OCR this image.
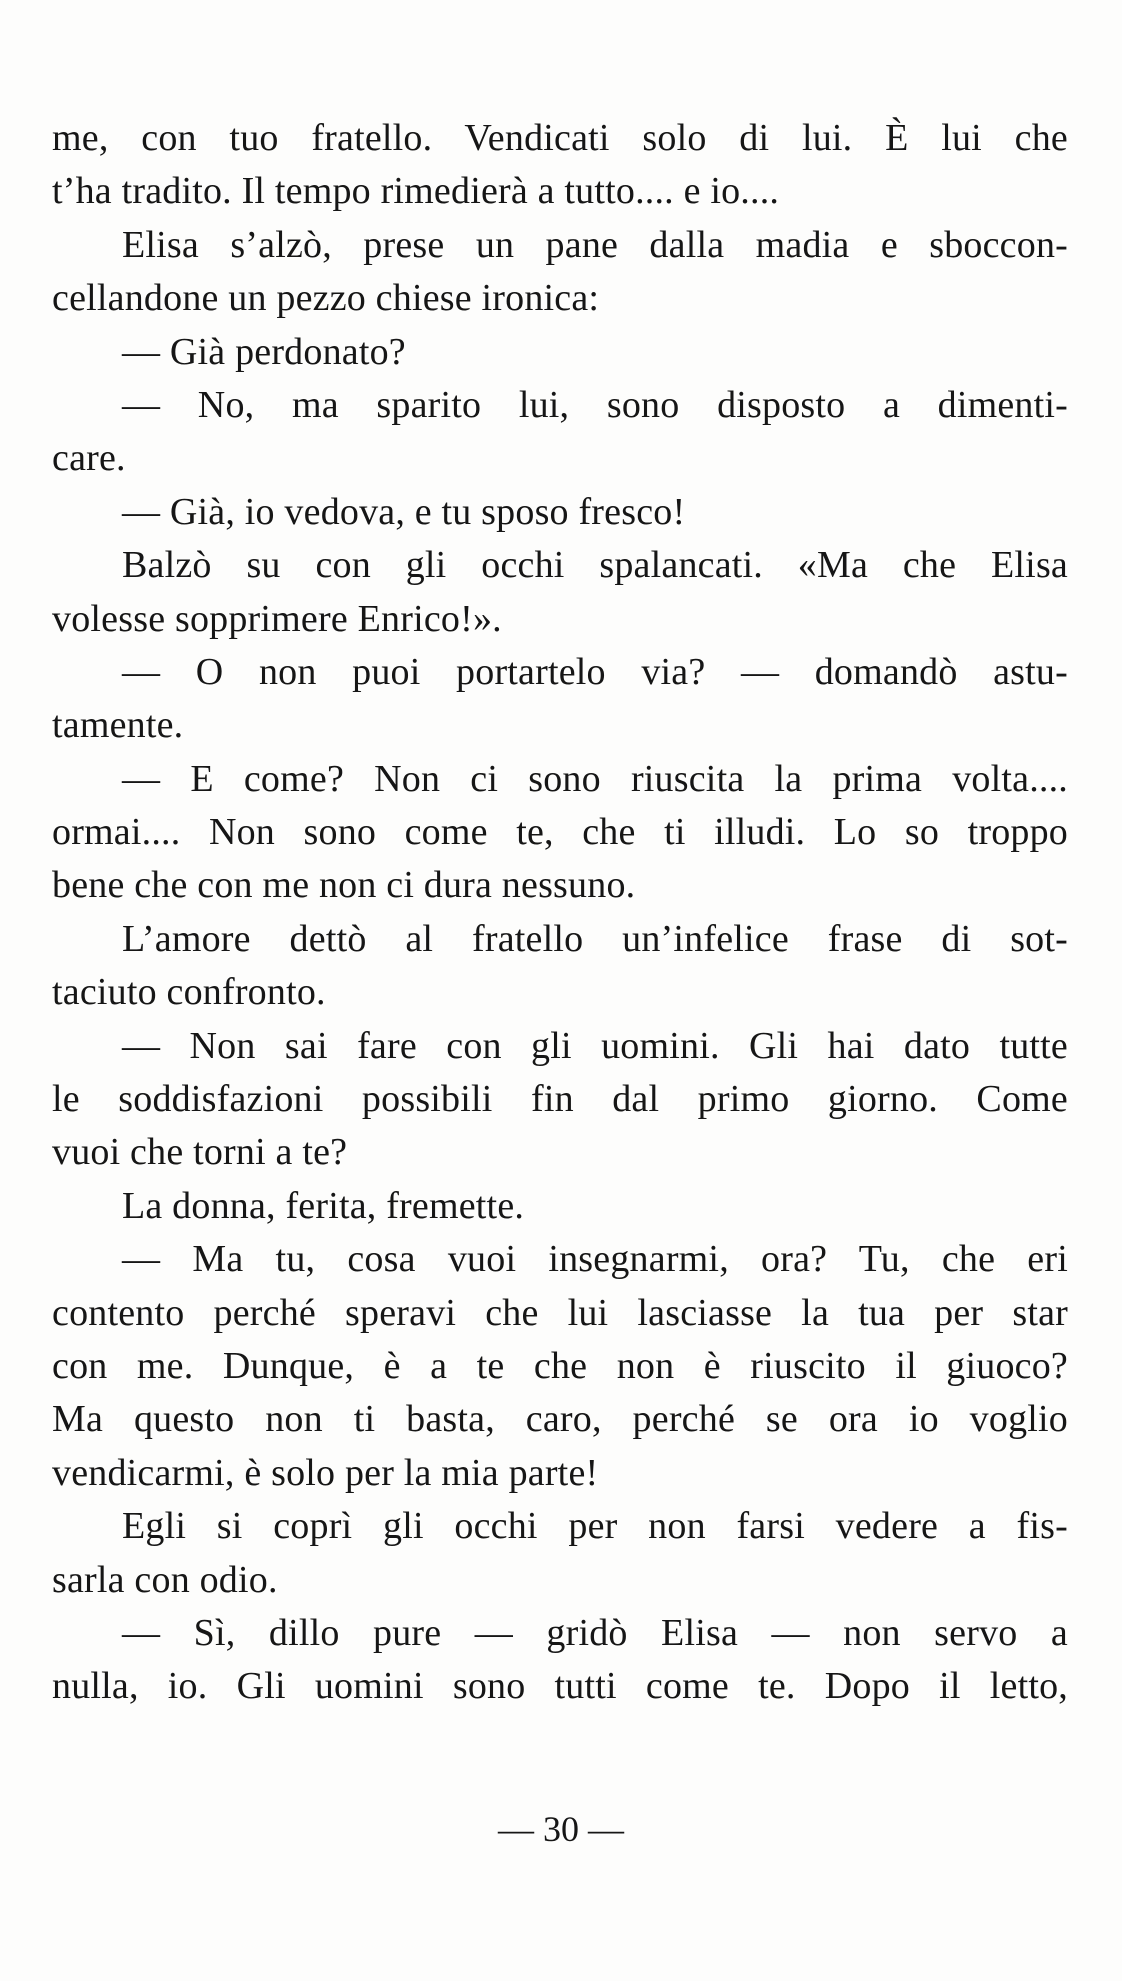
me, con tuo fratello. Vendicati solo di lui. È lui che
t’ha tradito. Il tempo rimedierà a tutto.... e io....
Elisa s’alzò, prese un pane dalla madia e sboccon-
cellandone un pezzo chiese ironica:
— Già perdonato?
— No, ma sparito lui, sono disposto a dimenti-
care.
— Già, io vedova, e tu sposo fresco!
Balzò su con gli occhi spalancati. «Ma che Elisa
volesse sopprimere Enrico!».
— O non puoi portartelo via? — domandò astu-
tamente.
— E come? Non ci sono riuscita la prima volta....
ormai.... Non sono come te, che ti illudi. Lo so troppo
bene che con me non ci dura nessuno.
L’amore dettò al fratello un’infelice frase di sot-
taciuto confronto.
— Non sai fare con gli uomini. Gli hai dato tutte
le soddisfazioni possibili fin dal primo giorno. Come
vuoi che torni a te?
La donna, ferita, fremette.
— Ma tu, cosa vuoi insegnarmi, ora? Tu, che eri
contento perché speravi che lui lasciasse la tua per star
con me. Dunque, è a te che non è riuscito il giuoco?
Ma questo non ti basta, caro, perché se ora io voglio
vendicarmi, è solo per la mia parte!
Egli si coprì gli occhi per non farsi vedere a fis-
sarla con odio.
— Sì, dillo pure — gridò Elisa — non servo a
nulla, io. Gli uomini sono tutti come te. Dopo il letto,
— 30 —
